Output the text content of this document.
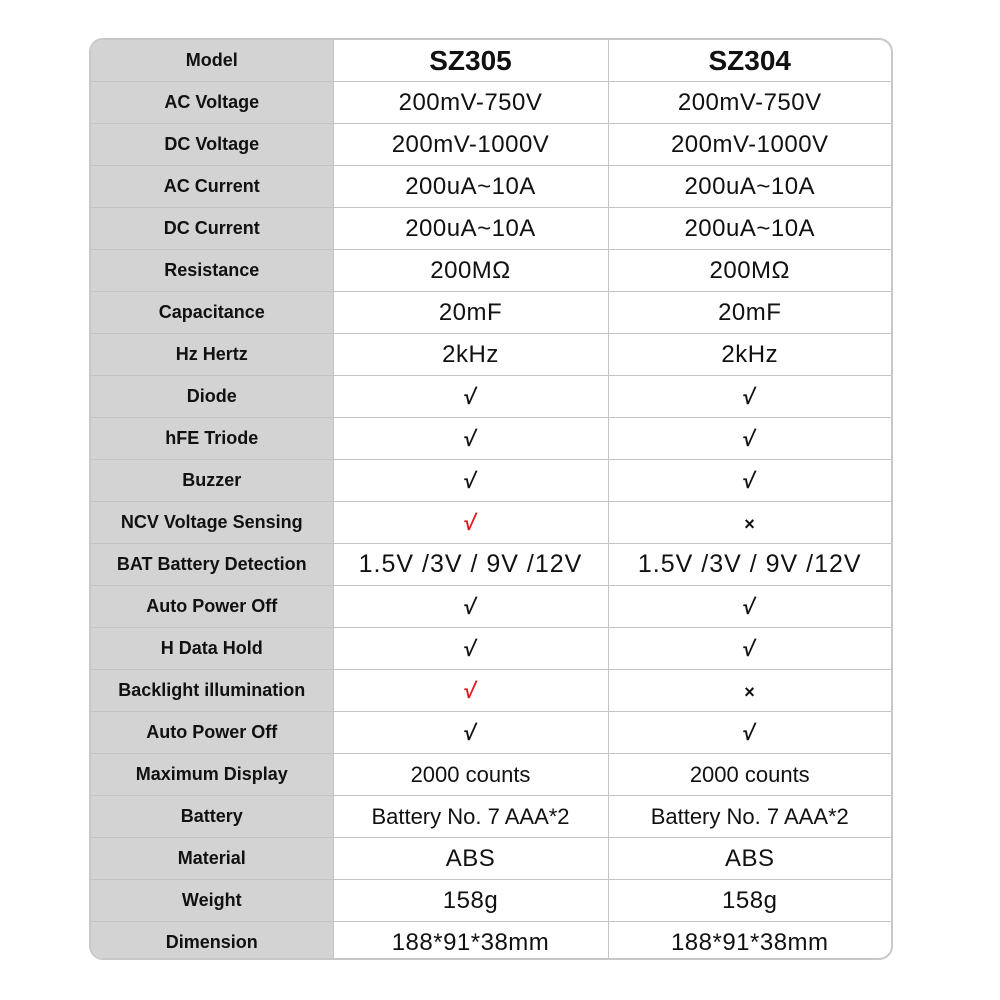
Model	SZ305	SZ304
AC Voltage	200mV-750V	200mV-750V
DC Voltage	200mV-1000V	200mV-1000V
AC Current	200uA~10A	200uA~10A
DC Current	200uA~10A	200uA~10A
Resistance	200MΩ	200MΩ
Capacitance	20mF	20mF
Hz Hertz	2kHz	2kHz
Diode	√	√
hFE Triode	√	√
Buzzer	√	√
NCV Voltage Sensing	√	×
BAT Battery Detection	1.5V /3V / 9V /12V	1.5V /3V / 9V /12V
Auto Power Off	√	√
H Data Hold	√	√
Backlight illumination	√	×
Auto Power Off	√	√
Maximum Display	2000 counts	2000 counts
Battery	Battery No. 7 AAA*2	Battery No. 7 AAA*2
Material	ABS	ABS
Weight	158g	158g
Dimension	188*91*38mm	188*91*38mm
